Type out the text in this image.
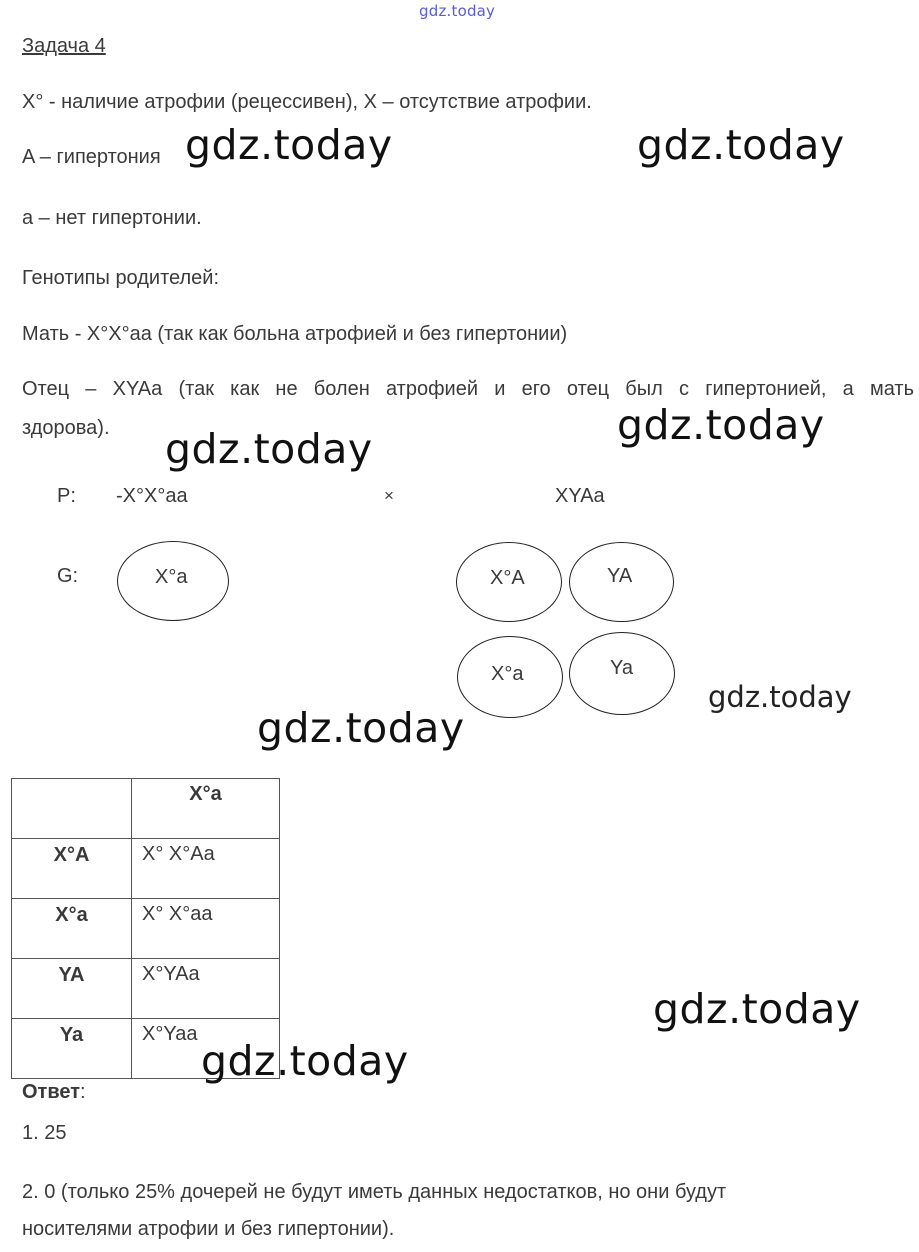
gdz.today
Задача 4
X° - наличие атрофии (рецессивен), X – отсутствие атрофии.
A – гипертония
a – нет гипертонии.
Генотипы родителей:
Мать - X°X°aa (так как больна атрофией и без гипертонии)
Отец – XYAa (так как не болен атрофией и его отец был с гипертонией, а мать
здорова).
P: -X°X°aa	×	XYAa
G:	X°a	X°A	YA
X°a	Ya
	X°a
X°A	X° X°Aa
X°a	X° X°aa
YA	X°YAa
Ya	X°Yaa
Ответ:
1. 25
2. 0 (только 25% дочерей не будут иметь данных недостатков, но они будут
носителями атрофии и без гипертонии).
gdz.today	gdz.today
gdz.today
gdz.today
gdz.today
gdz.today
gdz.today
gdz.today
